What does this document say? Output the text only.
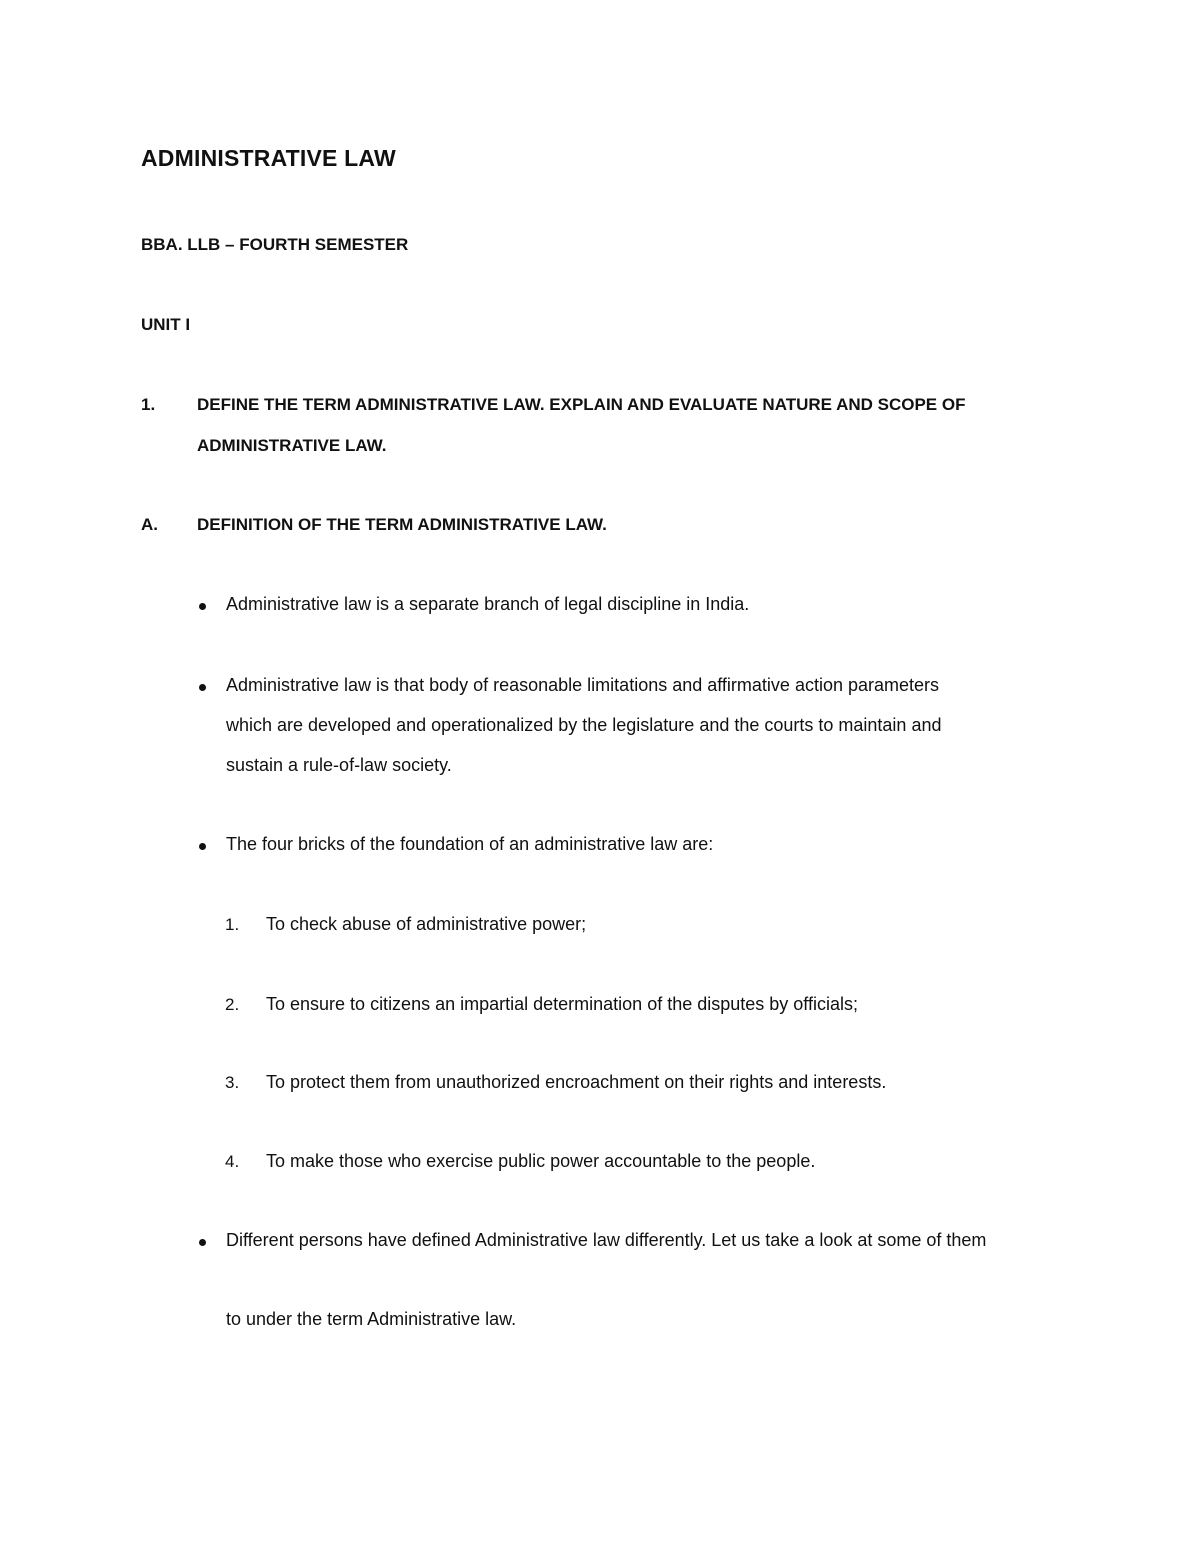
ADMINISTRATIVE LAW
BBA. LLB – FOURTH SEMESTER
UNIT I
1. DEFINE THE TERM ADMINISTRATIVE LAW. EXPLAIN AND EVALUATE NATURE AND SCOPE OF
ADMINISTRATIVE LAW.
A. DEFINITION OF THE TERM ADMINISTRATIVE LAW.
Administrative law is a separate branch of legal discipline in India.
Administrative law is that body of reasonable limitations and affirmative action parameters
which are developed and operationalized by the legislature and the courts to maintain and
sustain a rule-of-law society.
The four bricks of the foundation of an administrative law are:
1. To check abuse of administrative power;
2. To ensure to citizens an impartial determination of the disputes by officials;
3. To protect them from unauthorized encroachment on their rights and interests.
4. To make those who exercise public power accountable to the people.
Different persons have defined Administrative law differently. Let us take a look at some of them
to under the term Administrative law.
